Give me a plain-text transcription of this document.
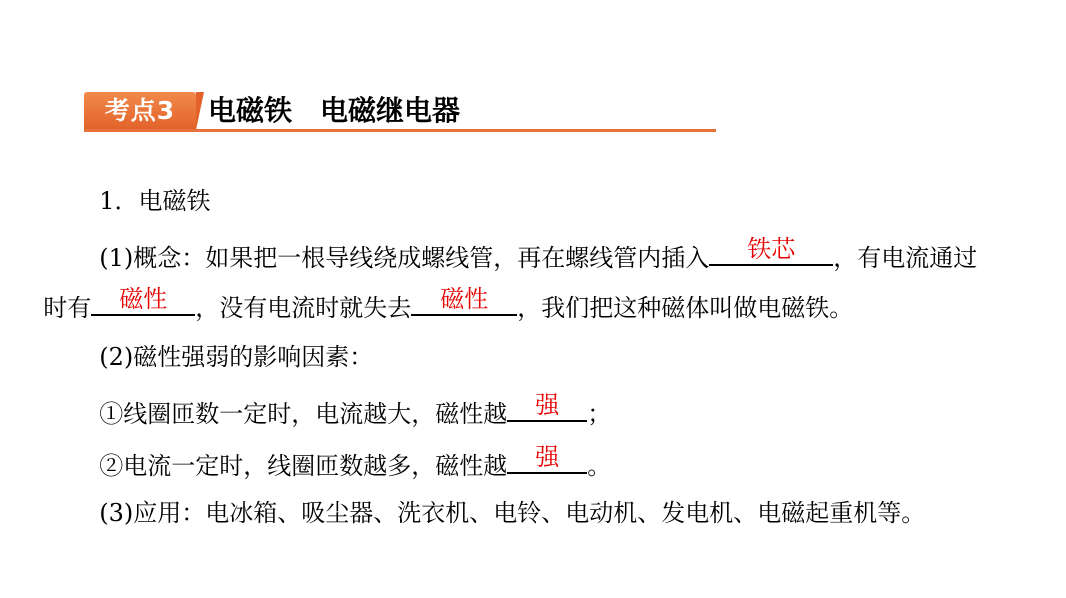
考点3	电磁铁　电磁继电器

1．电磁铁

(1)概念：如果把一根导线绕成螺线管，再在螺线管内插入	铁芯	，有电流通过

时有	磁性	，没有电流时就失去	磁性	，我们把这种磁体叫做电磁铁。

(2)磁性强弱的影响因素：

①线圈匝数一定时，电流越大，磁性越	强	；

②电流一定时，线圈匝数越多，磁性越	强	。

(3)应用：电冰箱、吸尘器、洗衣机、电铃、电动机、发电机、电磁起重机等。
